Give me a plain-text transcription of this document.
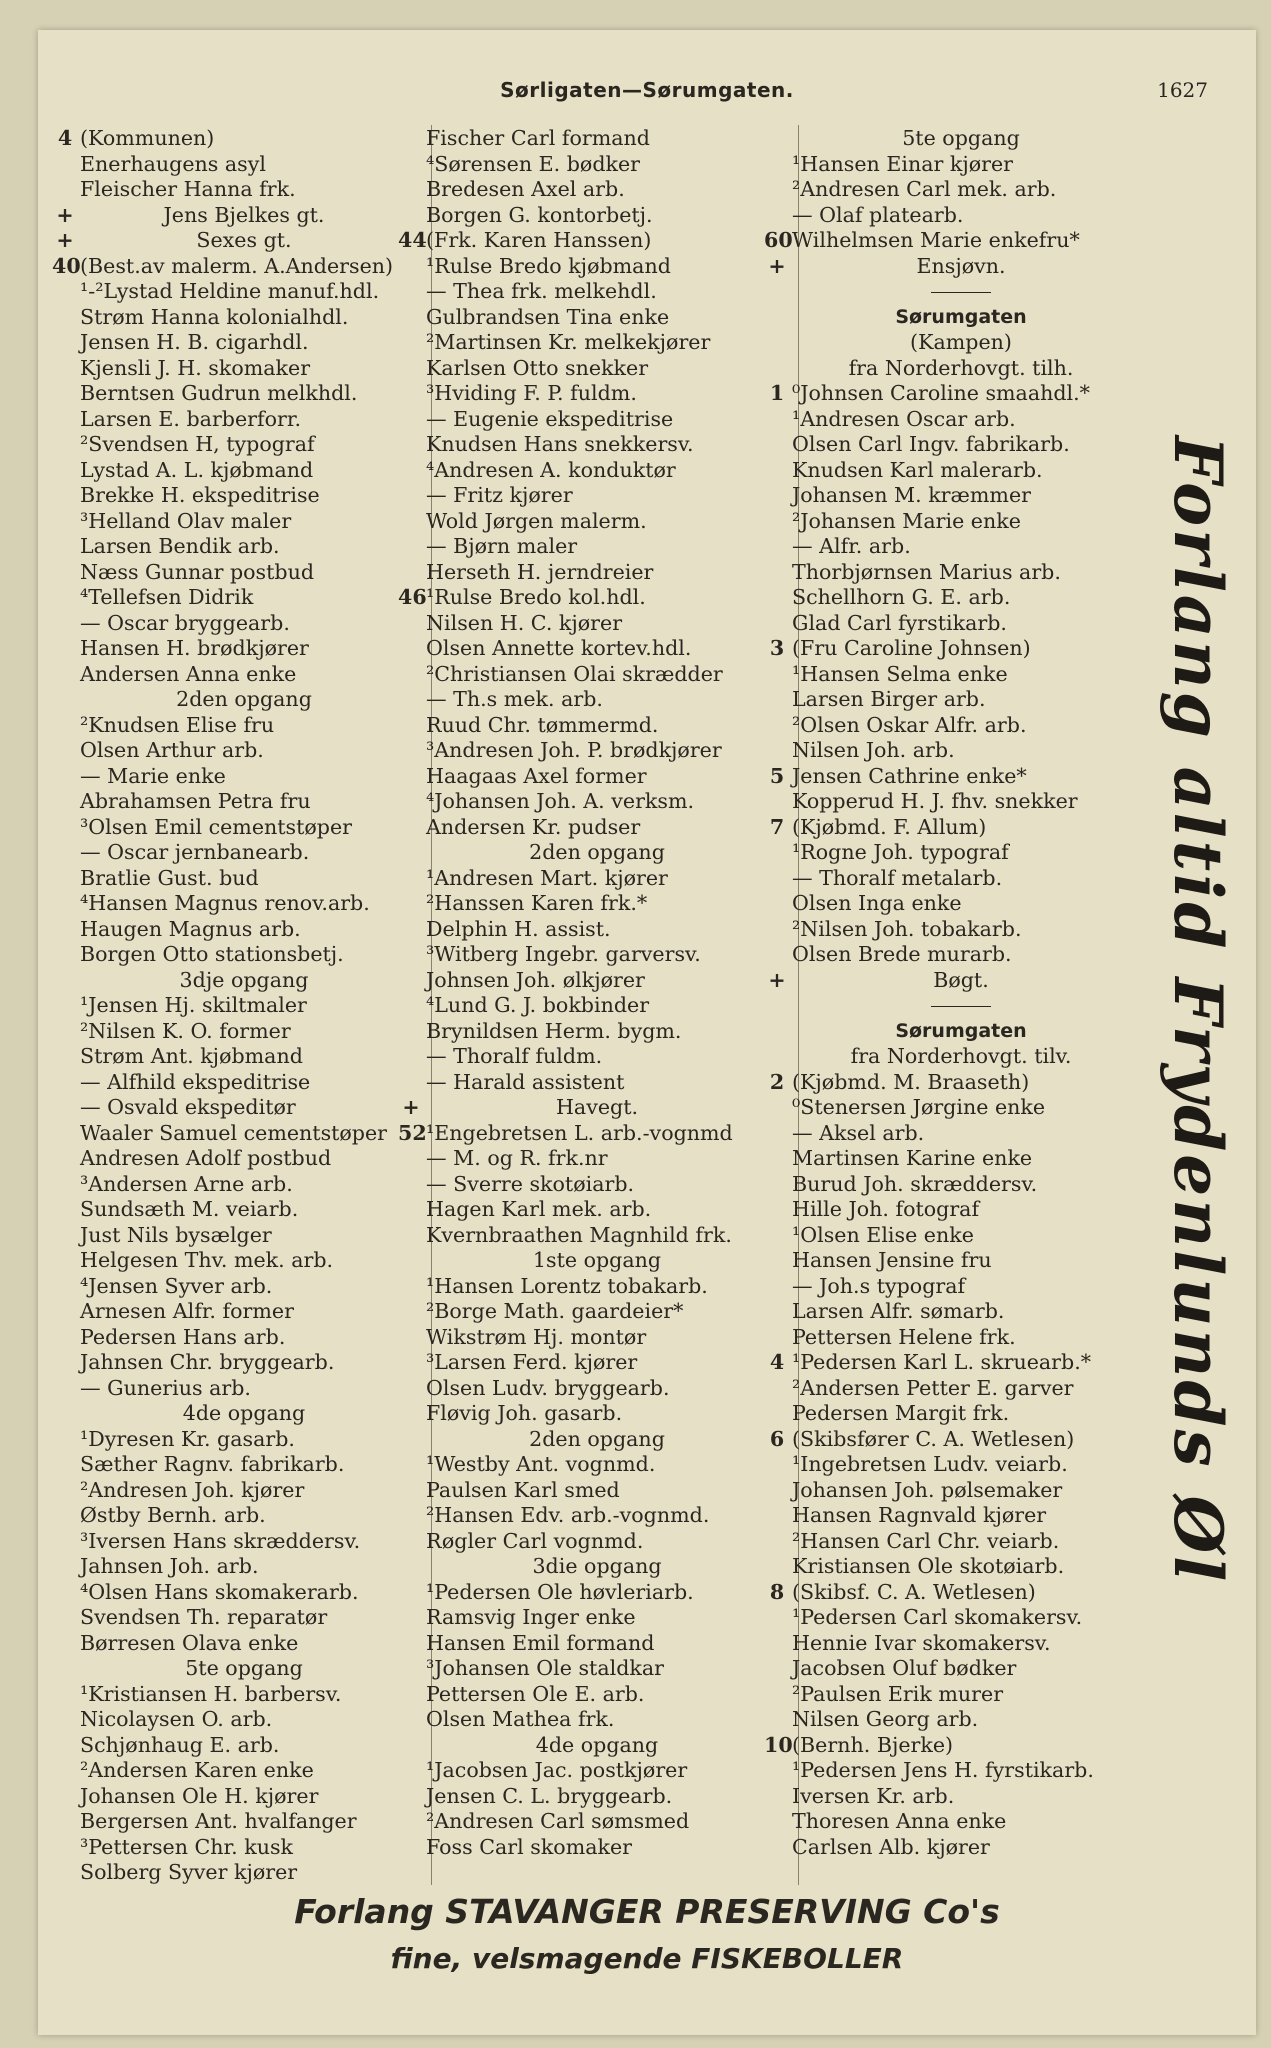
Sørligaten—Sørumgaten.	1627
4 (Kommunen)
Enerhaugens asyl
Fleischer Hanna frk.
+	Jens Bjelkes gt.
+	Sexes gt.
40 (Best.av malerm. A.Andersen)
¹-²Lystad Heldine manuf.hdl.
Strøm Hanna kolonialhdl.
Jensen H. B. cigarhdl.
Kjensli J. H. skomaker
Berntsen Gudrun melkhdl.
Larsen E. barberforr.
²Svendsen H, typograf
Lystad A. L. kjøbmand
Brekke H. ekspeditrise
³Helland Olav maler
Larsen Bendik arb.
Næss Gunnar postbud
⁴Tellefsen Didrik
— Oscar bryggearb.
Hansen H. brødkjører
Andersen Anna enke
2den opgang
²Knudsen Elise fru
Olsen Arthur arb.
— Marie enke
Abrahamsen Petra fru
³Olsen Emil cementstøper
— Oscar jernbanearb.
Bratlie Gust. bud
⁴Hansen Magnus renov.arb.
Haugen Magnus arb.
Borgen Otto stationsbetj.
3dje opgang
¹Jensen Hj. skiltmaler
²Nilsen K. O. former
Strøm Ant. kjøbmand
— Alfhild ekspeditrise
— Osvald ekspeditør
Waaler Samuel cementstøper
Andresen Adolf postbud
³Andersen Arne arb.
Sundsæth M. veiarb.
Just Nils bysælger
Helgesen Thv. mek. arb.
⁴Jensen Syver arb.
Arnesen Alfr. former
Pedersen Hans arb.
Jahnsen Chr. bryggearb.
— Gunerius arb.
4de opgang
¹Dyresen Kr. gasarb.
Sæther Ragnv. fabrikarb.
²Andresen Joh. kjører
Østby Bernh. arb.
³Iversen Hans skræddersv.
Jahnsen Joh. arb.
⁴Olsen Hans skomakerarb.
Svendsen Th. reparatør
Børresen Olava enke
5te opgang
¹Kristiansen H. barbersv.
Nicolaysen O. arb.
Schjønhaug E. arb.
²Andersen Karen enke
Johansen Ole H. kjører
Bergersen Ant. hvalfanger
³Pettersen Chr. kusk
Solberg Syver kjører
Fischer Carl formand
⁴Sørensen E. bødker
Bredesen Axel arb.
Borgen G. kontorbetj.
44 (Frk. Karen Hanssen)
¹Rulse Bredo kjøbmand
— Thea frk. melkehdl.
Gulbrandsen Tina enke
²Martinsen Kr. melkekjører
Karlsen Otto snekker
³Hviding F. P. fuldm.
— Eugenie ekspeditrise
Knudsen Hans snekkersv.
⁴Andresen A. konduktør
— Fritz kjører
Wold Jørgen malerm.
— Bjørn maler
Herseth H. jerndreier
46 ¹Rulse Bredo kol.hdl.
Nilsen H. C. kjører
Olsen Annette kortev.hdl.
²Christiansen Olai skrædder
— Th.s mek. arb.
Ruud Chr. tømmermd.
³Andresen Joh. P. brødkjører
Haagaas Axel former
⁴Johansen Joh. A. verksm.
Andersen Kr. pudser
2den opgang
¹Andresen Mart. kjører
²Hanssen Karen frk.*
Delphin H. assist.
³Witberg Ingebr. garversv.
Johnsen Joh. ølkjører
⁴Lund G. J. bokbinder
Brynildsen Herm. bygm.
— Thoralf fuldm.
— Harald assistent
+	Havegt.
52 ¹Engebretsen L. arb.-vognmd
— M. og R. frk.nr
— Sverre skotøiarb.
Hagen Karl mek. arb.
Kvernbraathen Magnhild frk.
1ste opgang
¹Hansen Lorentz tobakarb.
²Borge Math. gaardeier*
Wikstrøm Hj. montør
³Larsen Ferd. kjører
Olsen Ludv. bryggearb.
Fløvig Joh. gasarb.
2den opgang
¹Westby Ant. vognmd.
Paulsen Karl smed
²Hansen Edv. arb.-vognmd.
Røgler Carl vognmd.
3die opgang
¹Pedersen Ole høvleriarb.
Ramsvig Inger enke
Hansen Emil formand
³Johansen Ole staldkar
Pettersen Ole E. arb.
Olsen Mathea frk.
4de opgang
¹Jacobsen Jac. postkjører
Jensen C. L. bryggearb.
²Andresen Carl sømsmed
Foss Carl skomaker
5te opgang
¹Hansen Einar kjører
²Andresen Carl mek. arb.
— Olaf platearb.
60 Wilhelmsen Marie enkefru*
+	Ensjøvn.
Sørumgaten
(Kampen)
fra Norderhovgt. tilh.
1 ⁰Johnsen Caroline smaahdl.*
¹Andresen Oscar arb.
Olsen Carl Ingv. fabrikarb.
Knudsen Karl malerarb.
Johansen M. kræmmer
²Johansen Marie enke
— Alfr. arb.
Thorbjørnsen Marius arb.
Schellhorn G. E. arb.
Glad Carl fyrstikarb.
3 (Fru Caroline Johnsen)
¹Hansen Selma enke
Larsen Birger arb.
²Olsen Oskar Alfr. arb.
Nilsen Joh. arb.
5 Jensen Cathrine enke*
Kopperud H. J. fhv. snekker
7 (Kjøbmd. F. Allum)
¹Rogne Joh. typograf
— Thoralf metalarb.
Olsen Inga enke
²Nilsen Joh. tobakarb.
Olsen Brede murarb.
+	Bøgt.
Sørumgaten
fra Norderhovgt. tilv.
2 (Kjøbmd. M. Braaseth)
⁰Stenersen Jørgine enke
— Aksel arb.
Martinsen Karine enke
Burud Joh. skræddersv.
Hille Joh. fotograf
¹Olsen Elise enke
Hansen Jensine fru
— Joh.s typograf
Larsen Alfr. sømarb.
Pettersen Helene frk.
4 ¹Pedersen Karl L. skruearb.*
²Andersen Petter E. garver
Pedersen Margit frk.
6 (Skibsfører C. A. Wetlesen)
¹Ingebretsen Ludv. veiarb.
Johansen Joh. pølsemaker
Hansen Ragnvald kjører
²Hansen Carl Chr. veiarb.
Kristiansen Ole skotøiarb.
8 (Skibsf. C. A. Wetlesen)
¹Pedersen Carl skomakersv.
Hennie Ivar skomakersv.
Jacobsen Oluf bødker
²Paulsen Erik murer
Nilsen Georg arb.
10 (Bernh. Bjerke)
¹Pedersen Jens H. fyrstikarb.
Iversen Kr. arb.
Thoresen Anna enke
Carlsen Alb. kjører
Forlang altid Frydenlunds Øl
Forlang STAVANGER PRESERVING Co's
fine, velsmagende FISKEBOLLER
